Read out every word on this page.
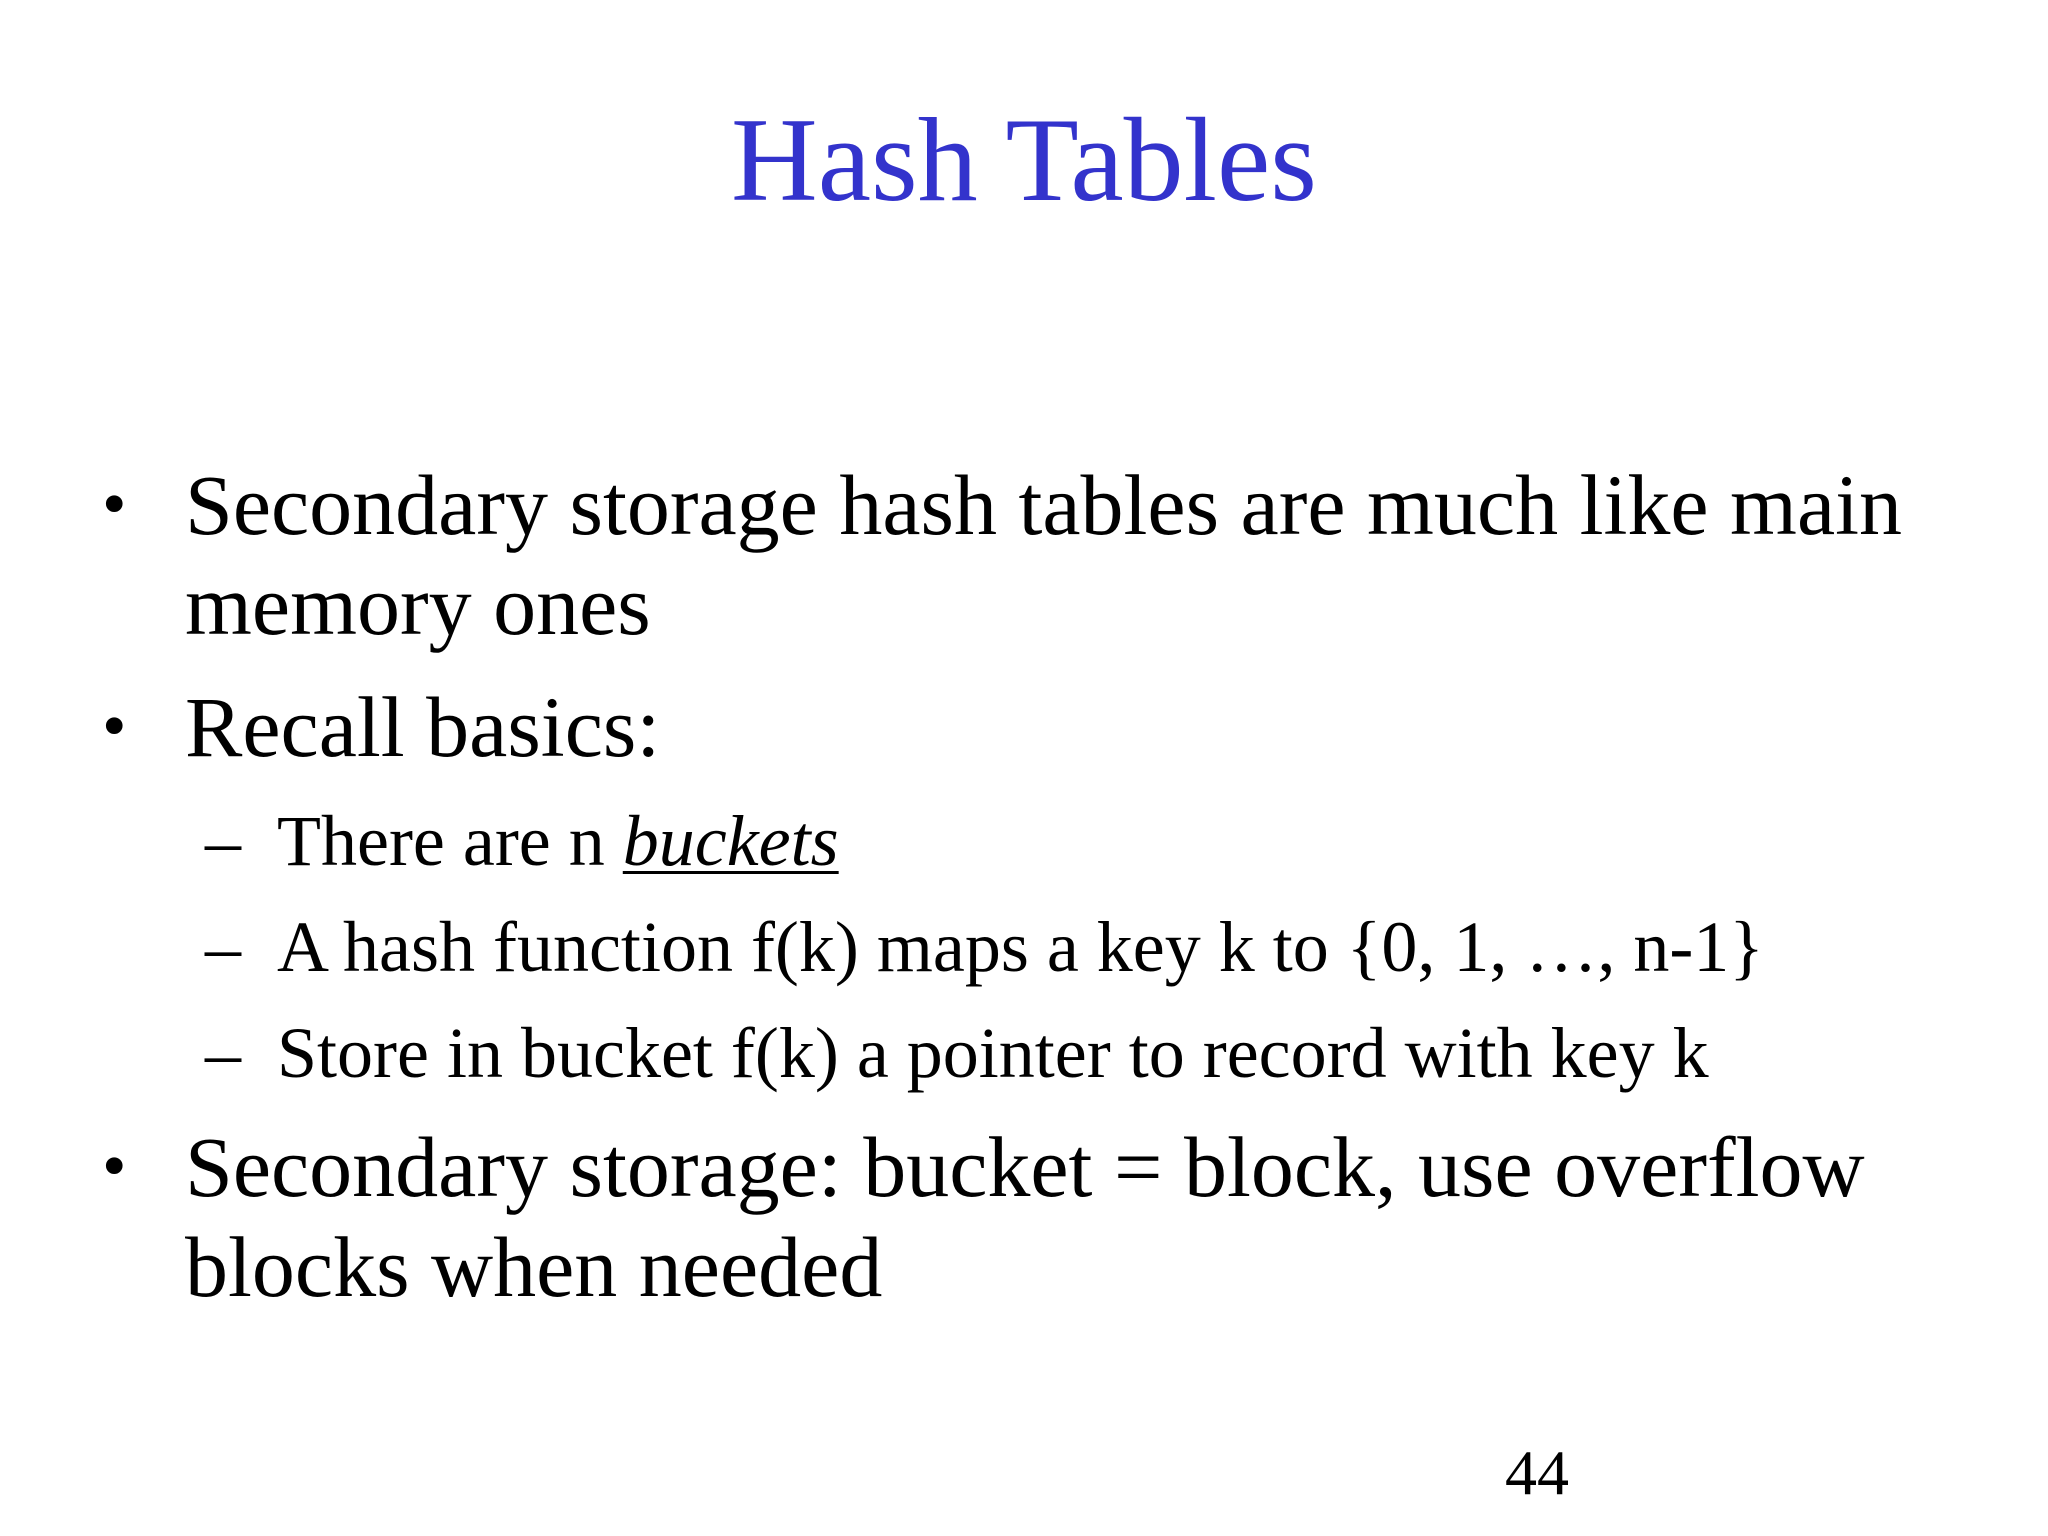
Hash Tables
• Secondary storage hash tables are much like main memory ones
• Recall basics:
– There are n buckets
– A hash function f(k) maps a key k to {0, 1, …, n-1}
– Store in bucket f(k) a pointer to record with key k
• Secondary storage: bucket = block, use overflow blocks when needed
44
